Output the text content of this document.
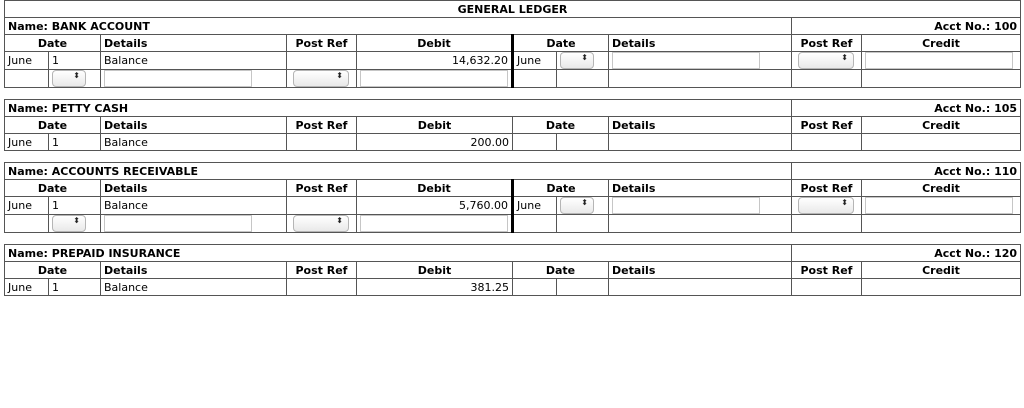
GENERAL LEDGER									
Name: BANK ACCOUNT								Acct No.: 100	
Date		Details	Post Ref	Debit	Date		Details	Post Ref	Credit
June	1	Balance		14,632.20	June	⬍		⬍	

	⬍		⬍						

Name: PETTY CASH								Acct No.: 105	
Date		Details	Post Ref	Debit	Date		Details	Post Ref	Credit
June	1	Balance		200.00					

Name: ACCOUNTS RECEIVABLE								Acct No.: 110	
Date		Details	Post Ref	Debit	Date		Details	Post Ref	Credit
June	1	Balance		5,760.00	June	⬍		⬍	

	⬍		⬍						

Name: PREPAID INSURANCE								Acct No.: 120	
Date		Details	Post Ref	Debit	Date		Details	Post Ref	Credit
June	1	Balance		381.25					
